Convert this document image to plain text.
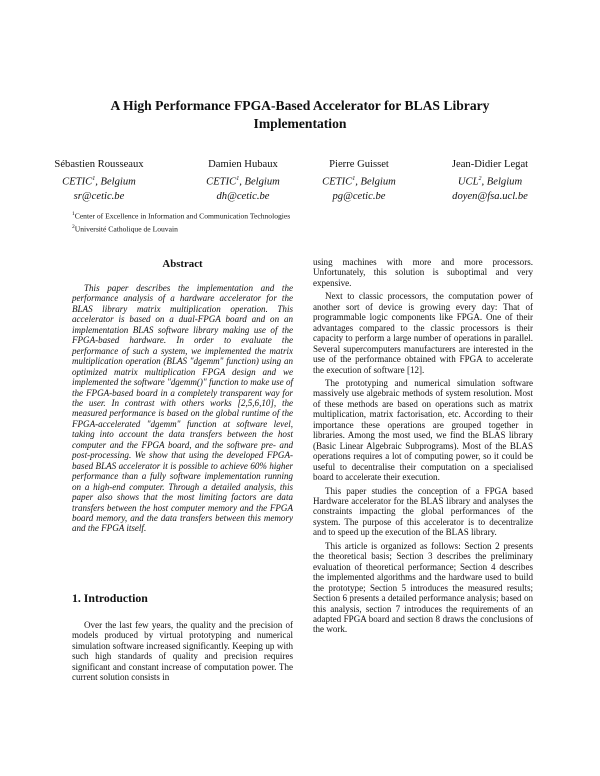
A High Performance FPGA-Based Accelerator for BLAS Library
Implementation
Sébastien Rousseaux
CETIC$^1$, Belgium
sr@cetic.be
Damien Hubaux
CETIC$^1$, Belgium
dh@cetic.be
Pierre Guisset
CETIC$^1$, Belgium
pg@cetic.be
Jean-Didier Legat
UCL$^2$, Belgium
doyen@fsa.ucl.be
$^1$Center of Excellence in Information and Communication Technologies
$^2$Université Catholique de Louvain
Abstract

This paper describes the implementation and the performance analysis of a hardware accelerator for the BLAS library matrix multiplication operation. This accelerator is based on a dual-FPGA board and on an implementation BLAS software library making use of the FPGA-based hardware. In order to evaluate the performance of such a system, we implemented the matrix multiplication operation (BLAS "dgemm" function) using an optimized matrix multiplication FPGA design and we implemented the software "dgemm()" function to make use of the FPGA-based board in a completely transparent way for the user. In contrast with others works [2,5,6,10], the measured performance is based on the global runtime of the FPGA-accelerated "dgemm" function at software level, taking into account the data transfers between the host computer and the FPGA board, and the software pre- and post-processing. We show that using the developed FPGA-based BLAS accelerator it is possible to achieve 60% higher performance than a fully software implementation running on a high-end computer. Through a detailed analysis, this paper also shows that the most limiting factors are data transfers between the host computer memory and the FPGA board memory, and the data transfers between this memory and the FPGA itself.

1. Introduction

Over the last few years, the quality and the precision of models produced by virtual prototyping and numerical simulation software increased significantly. Keeping up with such high standards of quality and precision requires significant and constant increase of computation power. The current solution consists in

using machines with more and more processors. Unfortunately, this solution is suboptimal and very expensive.

Next to classic processors, the computation power of another sort of device is growing every day: That of programmable logic components like FPGA. One of their advantages compared to the classic processors is their capacity to perform a large number of operations in parallel. Several supercomputers manufacturers are interested in the use of the performance obtained with FPGA to accelerate the execution of software [12].

The prototyping and numerical simulation software massively use algebraic methods of system resolution. Most of these methods are based on operations such as matrix multiplication, matrix factorisation, etc. According to their importance these operations are grouped together in libraries. Among the most used, we find the BLAS library (Basic Linear Algebraic Subprograms). Most of the BLAS operations requires a lot of computing power, so it could be useful to decentralise their computation on a specialised board to accelerate their execution.

This paper studies the conception of a FPGA based Hardware accelerator for the BLAS library and analyses the constraints impacting the global performances of the system. The purpose of this accelerator is to decentralize and to speed up the execution of the BLAS library.

This article is organized as follows: Section 2 presents the theoretical basis; Section 3 describes the preliminary evaluation of theoretical performance; Section 4 describes the implemented algorithms and the hardware used to build the prototype; Section 5 introduces the measured results; Section 6 presents a detailed performance analysis; based on this analysis, section 7 introduces the requirements of an adapted FPGA board and section 8 draws the conclusions of the work.
